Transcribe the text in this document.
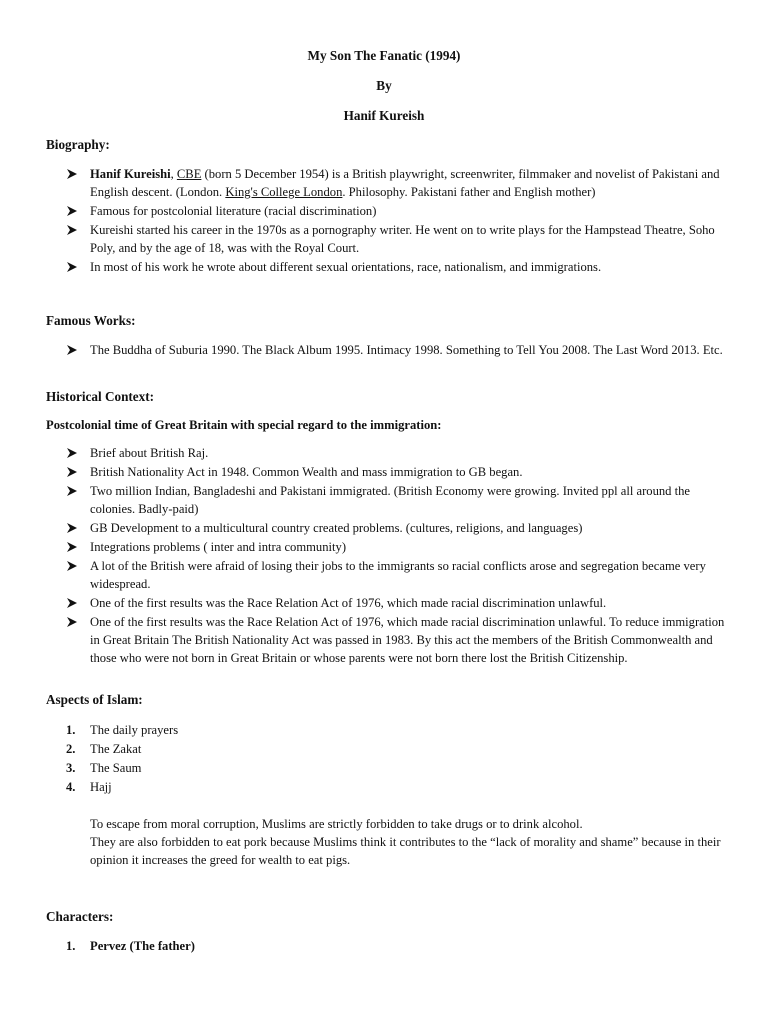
My Son The Fanatic (1994)
By
Hanif Kureish
Biography:
Hanif Kureishi, CBE (born 5 December 1954) is a British playwright, screenwriter, filmmaker and novelist of Pakistani and English descent. (London. King's College London. Philosophy. Pakistani father and English mother)
Famous for postcolonial literature (racial discrimination)
Kureishi started his career in the 1970s as a pornography writer. He went on to write plays for the Hampstead Theatre, Soho Poly, and by the age of 18, was with the Royal Court.
In most of his work he wrote about different sexual orientations, race, nationalism, and immigrations.
Famous Works:
The Buddha of Suburia 1990. The Black Album 1995. Intimacy 1998. Something to Tell You 2008. The Last Word 2013. Etc.
Historical Context:
Postcolonial time of Great Britain with special regard to the immigration:
Brief about British Raj.
British Nationality Act in 1948. Common Wealth and mass immigration to GB began.
Two million Indian, Bangladeshi and Pakistani immigrated. (British Economy were growing. Invited ppl all around the colonies. Badly-paid)
GB Development to a multicultural country created problems. (cultures, religions, and languages)
Integrations problems ( inter and intra community)
A lot of the British were afraid of losing their jobs to the immigrants so racial conflicts arose and segregation became very widespread.
One of the first results was the Race Relation Act of 1976, which made racial discrimination unlawful.
One of the first results was the Race Relation Act of 1976, which made racial discrimination unlawful. To reduce immigration in Great Britain The British Nationality Act was passed in 1983. By this act the members of the British Commonwealth and those who were not born in Great Britain or whose parents were not born there lost the British Citizenship.
Aspects of Islam:
1. The daily prayers
2. The Zakat
3. The Saum
4. Hajj
To escape from moral corruption, Muslims are strictly forbidden to take drugs or to drink alcohol.
They are also forbidden to eat pork because Muslims think it contributes to the “lack of morality and shame” because in their opinion it increases the greed for wealth to eat pigs.
Characters:
1. Pervez (The father)
